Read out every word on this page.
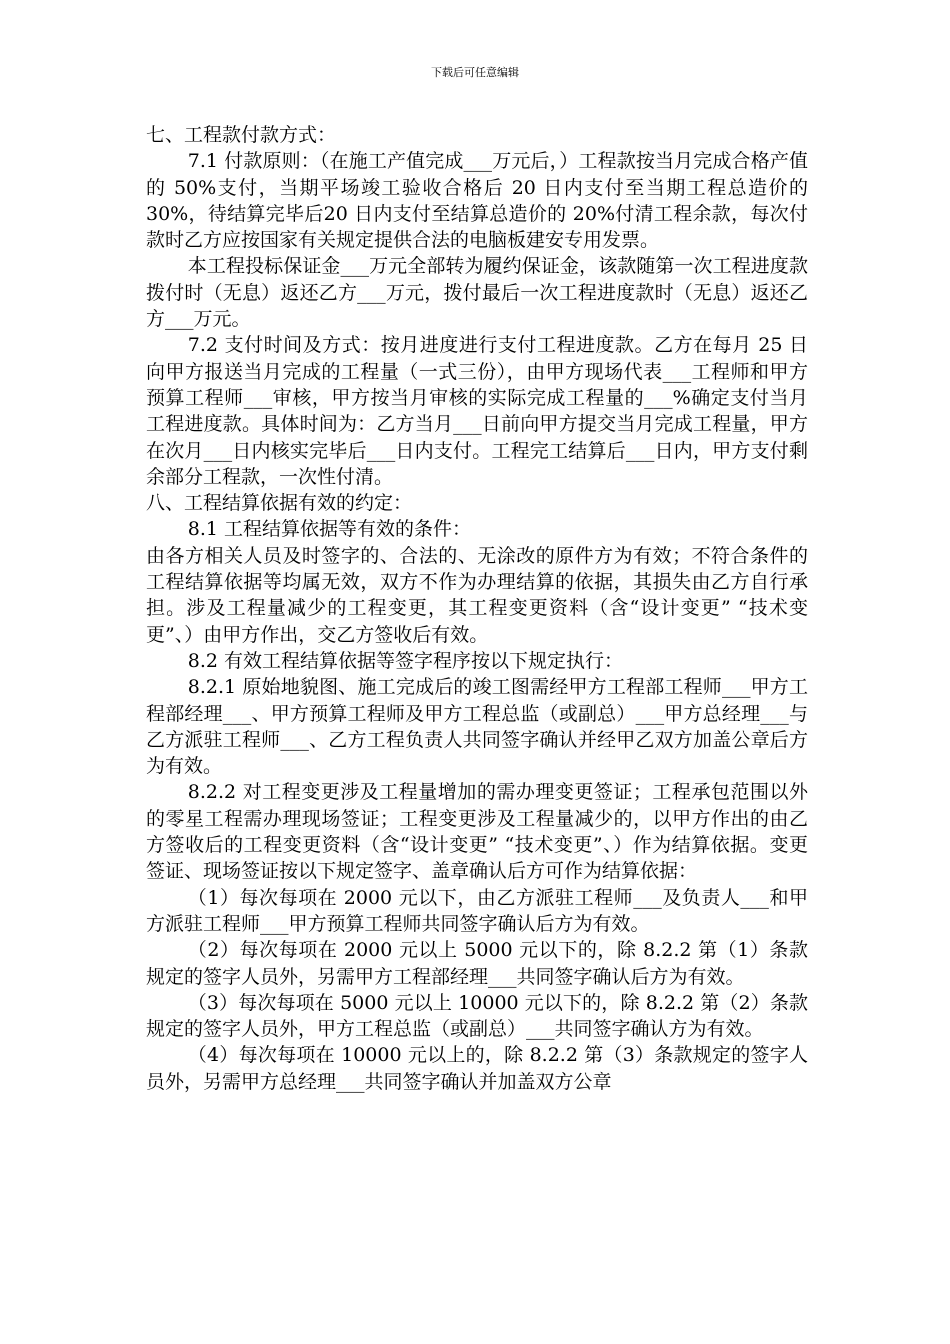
下载后可任意编辑

七、工程款付款方式：

7.1 付款原则：（在施工产值完成___万元后，）工程款按当月完成合格产值的 50%支付，当期平场竣工验收合格后 20 日内支付至当期工程总造价的 30%，待结算完毕后20 日内支付至结算总造价的 20%付清工程余款，每次付款时乙方应按国家有关规定提供合法的电脑板建安专用发票。

本工程投标保证金___万元全部转为履约保证金，该款随第一次工程进度款拨付时（无息）返还乙方___万元，拨付最后一次工程进度款时（无息）返还乙方___万元。

7.2 支付时间及方式：按月进度进行支付工程进度款。乙方在每月 25 日向甲方报送当月完成的工程量（一式三份），由甲方现场代表___工程师和甲方预算工程师___审核，甲方按当月审核的实际完成工程量的___%确定支付当月工程进度款。具体时间为：乙方当月___日前向甲方提交当月完成工程量，甲方在次月___日内核实完毕后___日内支付。工程完工结算后___日内，甲方支付剩余部分工程款，一次性付清。

八、工程结算依据有效的约定：

8.1 工程结算依据等有效的条件：

由各方相关人员及时签字的、合法的、无涂改的原件方为有效；不符合条件的工程结算依据等均属无效，双方不作为办理结算的依据，其损失由乙方自行承担。涉及工程量减少的工程变更，其工程变更资料（含“设计变更” “技术变更”、）由甲方作出，交乙方签收后有效。

8.2 有效工程结算依据等签字程序按以下规定执行：

8.2.1 原始地貌图、施工完成后的竣工图需经甲方工程部工程师___甲方工程部经理___、甲方预算工程师及甲方工程总监（或副总）___甲方总经理___与乙方派驻工程师___、乙方工程负责人共同签字确认并经甲乙双方加盖公章后方为有效。

8.2.2 对工程变更涉及工程量增加的需办理变更签证；工程承包范围以外的零星工程需办理现场签证；工程变更涉及工程量减少的，以甲方作出的由乙方签收后的工程变更资料（含“设计变更” “技术变更”、）作为结算依据。变更签证、现场签证按以下规定签字、盖章确认后方可作为结算依据：

（1）每次每项在 2000 元以下，由乙方派驻工程师___及负责人___和甲方派驻工程师___甲方预算工程师共同签字确认后方为有效。

（2）每次每项在 2000 元以上 5000 元以下的，除 8.2.2 第（1）条款规定的签字人员外，另需甲方工程部经理___共同签字确认后方为有效。

（3）每次每项在 5000 元以上 10000 元以下的，除 8.2.2 第（2）条款规定的签字人员外，甲方工程总监（或副总）___共同签字确认方为有效。

（4）每次每项在 10000 元以上的，除 8.2.2 第（3）条款规定的签字人员外，另需甲方总经理___共同签字确认并加盖双方公章
